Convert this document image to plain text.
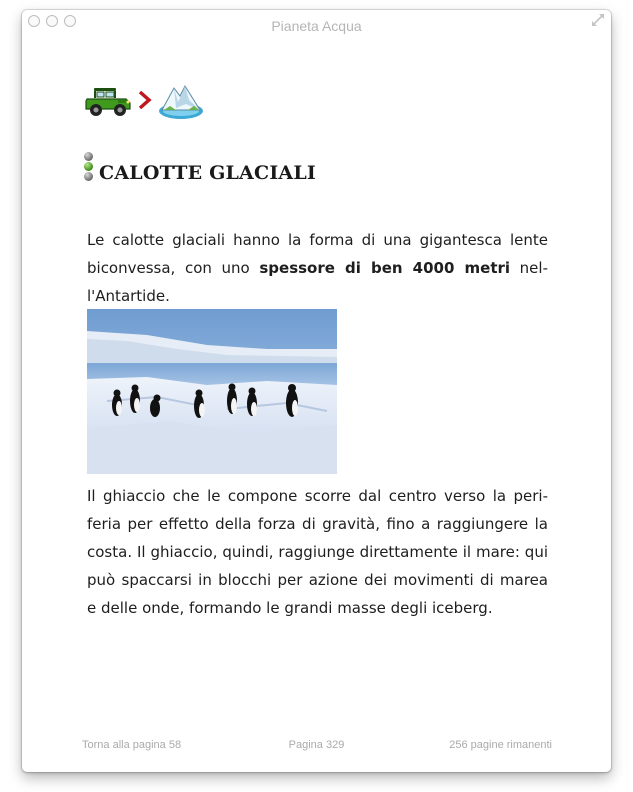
Pianeta Acqua
CALOTTE GLACIALI

Le calotte glaciali hanno la forma di una gigantesca lente biconvessa, con uno spessore di ben 4000 metri nell'Antartide.

Il ghiaccio che le compone scorre dal centro verso la periferia per effetto della forza di gravità, fino a raggiungere la costa. Il ghiaccio, quindi, raggiunge direttamente il mare: qui può spaccarsi in blocchi per azione dei movimenti di marea e delle onde, formando le grandi masse degli iceberg.

Torna alla pagina 58	Pagina 329	256 pagine rimanenti
